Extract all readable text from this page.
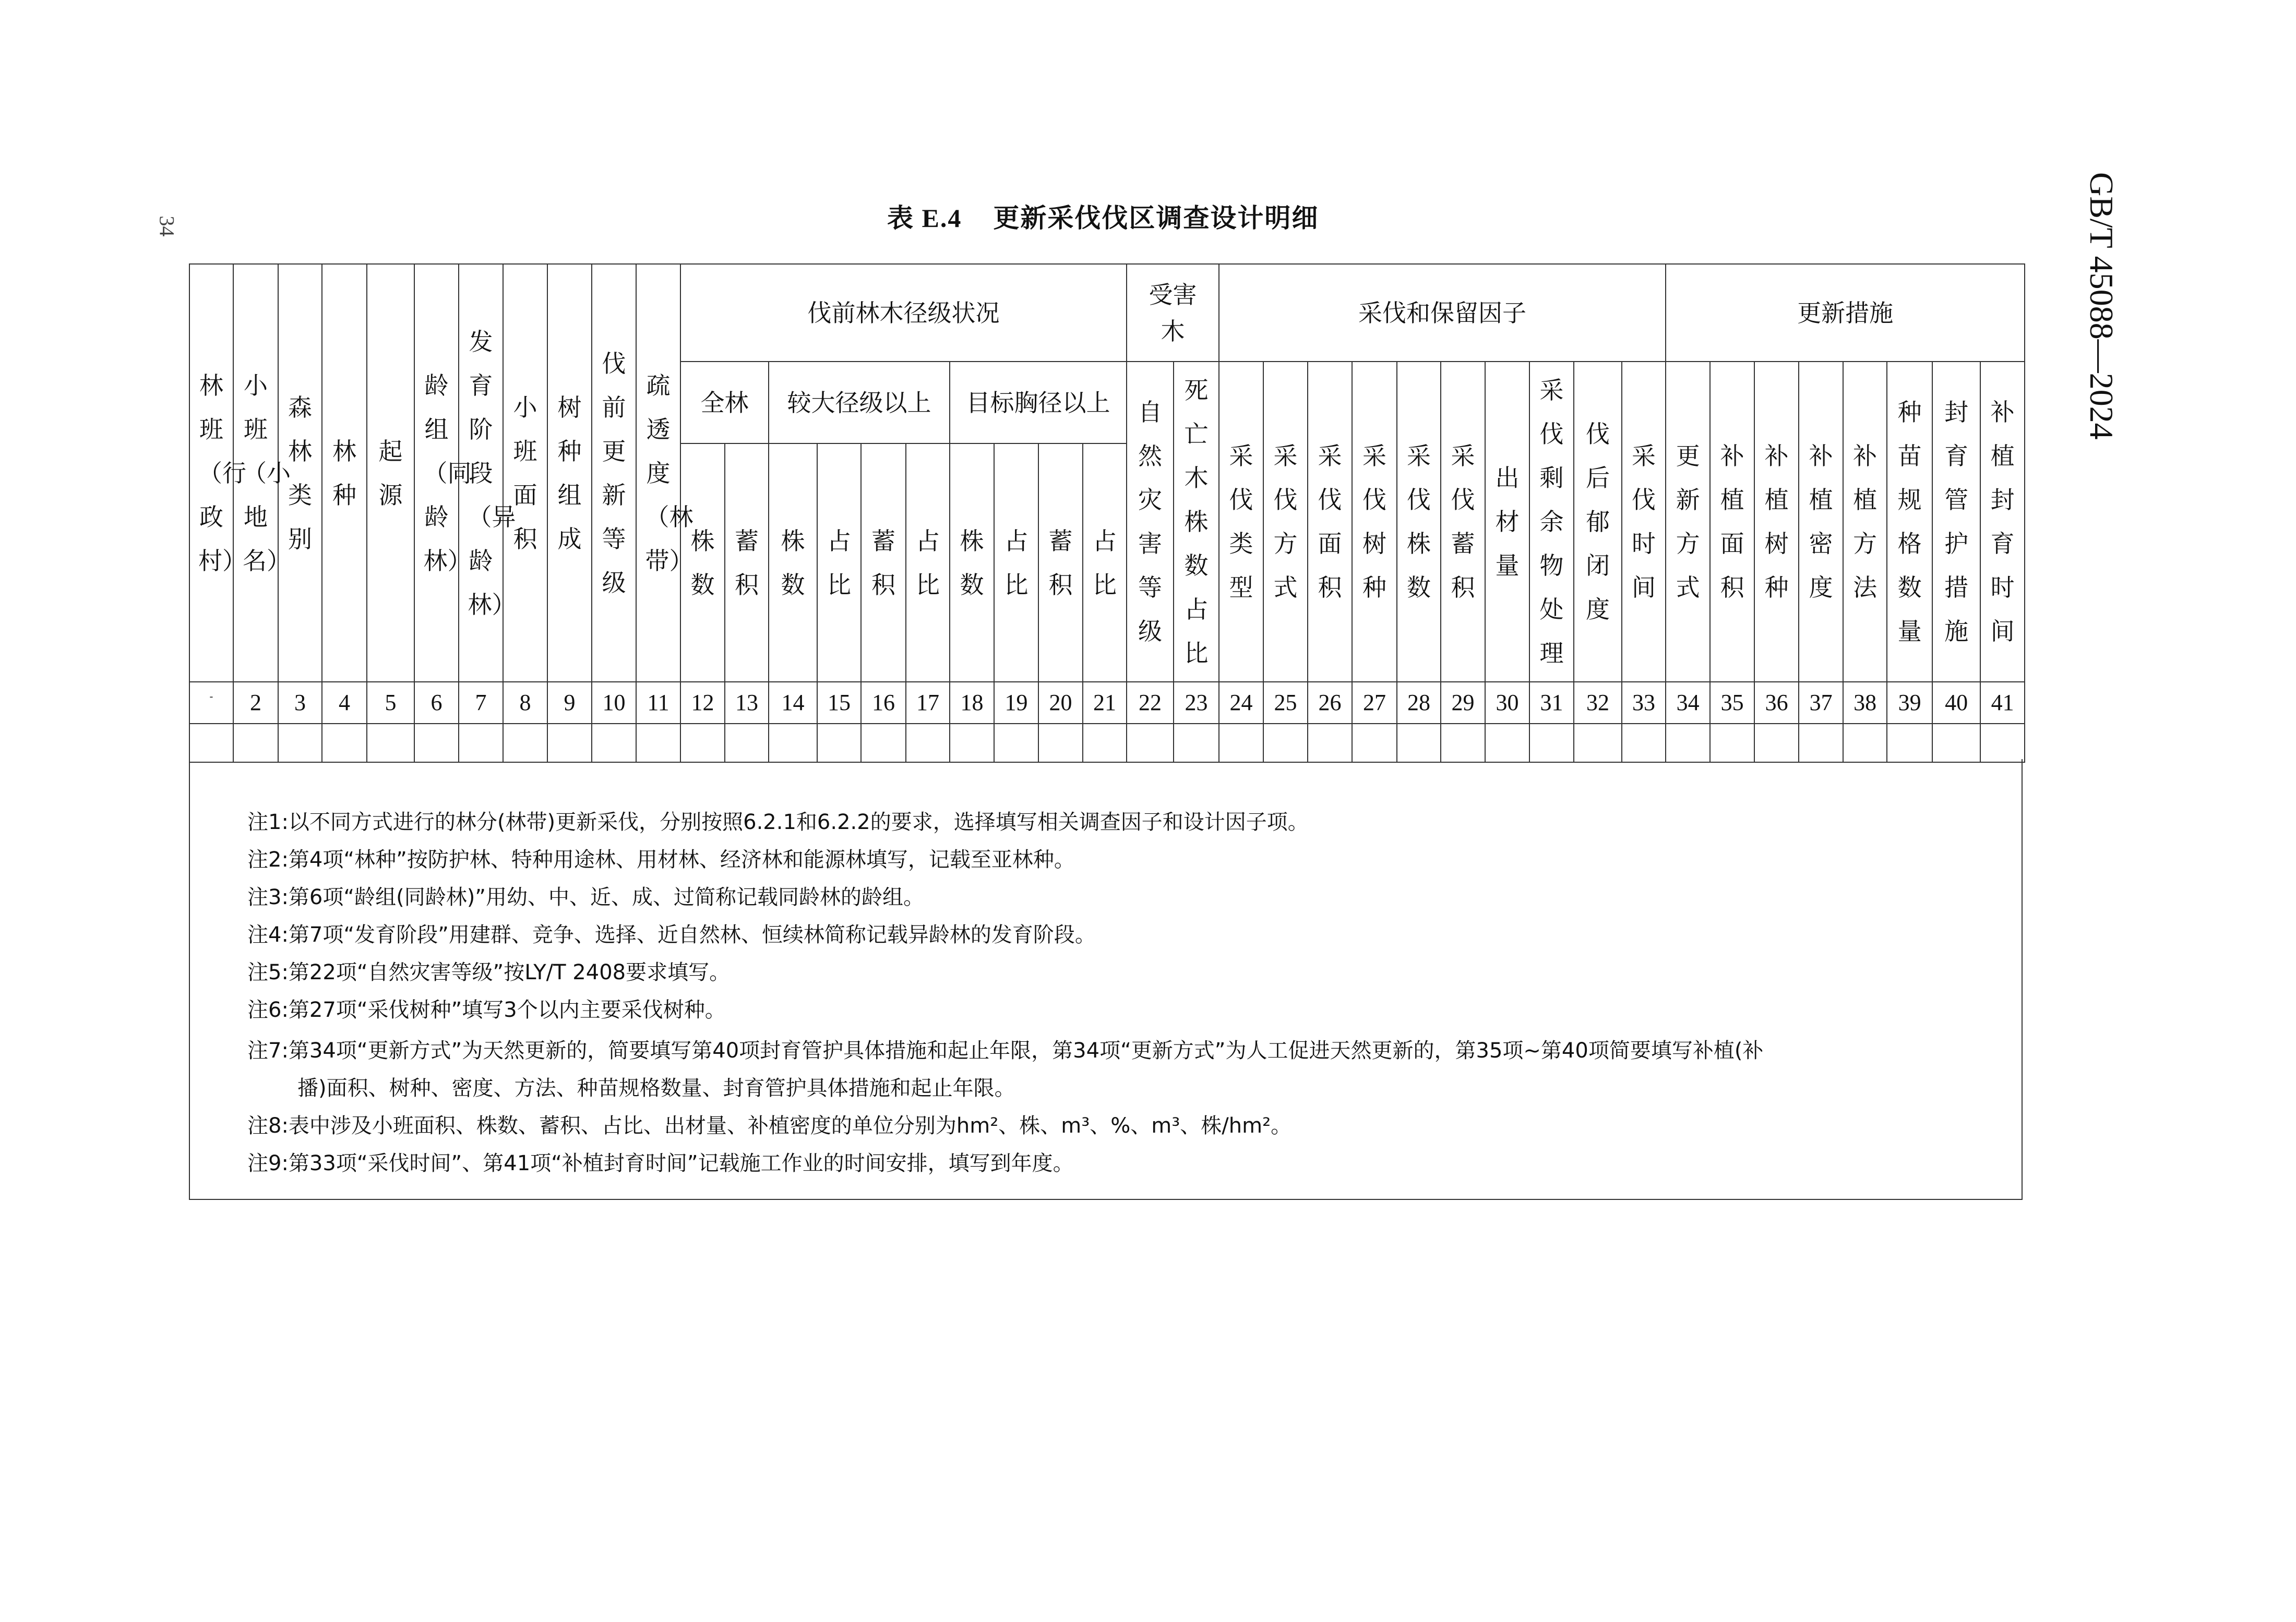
34	GB/T 45088—2024
表 E.4 更新采伐伐区调查设计明细
林班（行政村）	小班（小地名）	森林类别	林种	起源	龄组（同龄林）	发育阶段（异龄林）	小班面积	树种组成	伐前更新等级	疏透度（林带）	伐前林木径级状况										受害木		采伐和保留因子										更新措施							
											全林		较大径级以上				目标胸径以上				自然灾害等级	死亡木株数占比	采伐类型	采伐方式	采伐面积	采伐树种	采伐株数	采伐蓄积	出材量	采伐剩余物处理	伐后郁闭度	采伐时间	更新方式	补植面积	补植树种	补植密度	补植方法	种苗规格数量	封育管护措施	补植封育时间
											株数	蓄积	株数	占比	蓄积	占比	株数	占比	蓄积	占比																				
-	2	3	4	5	6	7	8	9	10	11	12	13	14	15	16	17	18	19	20	21	22	23	24	25	26	27	28	29	30	31	32	33	34	35	36	37	38	39	40	41

注1:以不同方式进行的林分(林带)更新采伐，分别按照6.2.1和6.2.2的要求，选择填写相关调查因子和设计因子项。
注2:第4项“林种”按防护林、特种用途林、用材林、经济林和能源林填写，记载至亚林种。
注3:第6项“龄组(同龄林)”用幼、中、近、成、过简称记载同龄林的龄组。
注4:第7项“发育阶段”用建群、竞争、选择、近自然林、恒续林简称记载异龄林的发育阶段。
注5:第22项“自然灾害等级”按LY/T 2408要求填写。
注6:第27项“采伐树种”填写3个以内主要采伐树种。
注7:第34项“更新方式”为天然更新的，简要填写第40项封育管护具体措施和起止年限，第34项“更新方式”为人工促进天然更新的，第35项~第40项简要填写补植(补
播)面积、树种、密度、方法、种苗规格数量、封育管护具体措施和起止年限。
注8:表中涉及小班面积、株数、蓄积、占比、出材量、补植密度的单位分别为hm²、株、m³、%、m³、株/hm²。
注9:第33项“采伐时间”、第41项“补植封育时间”记载施工作业的时间安排，填写到年度。
